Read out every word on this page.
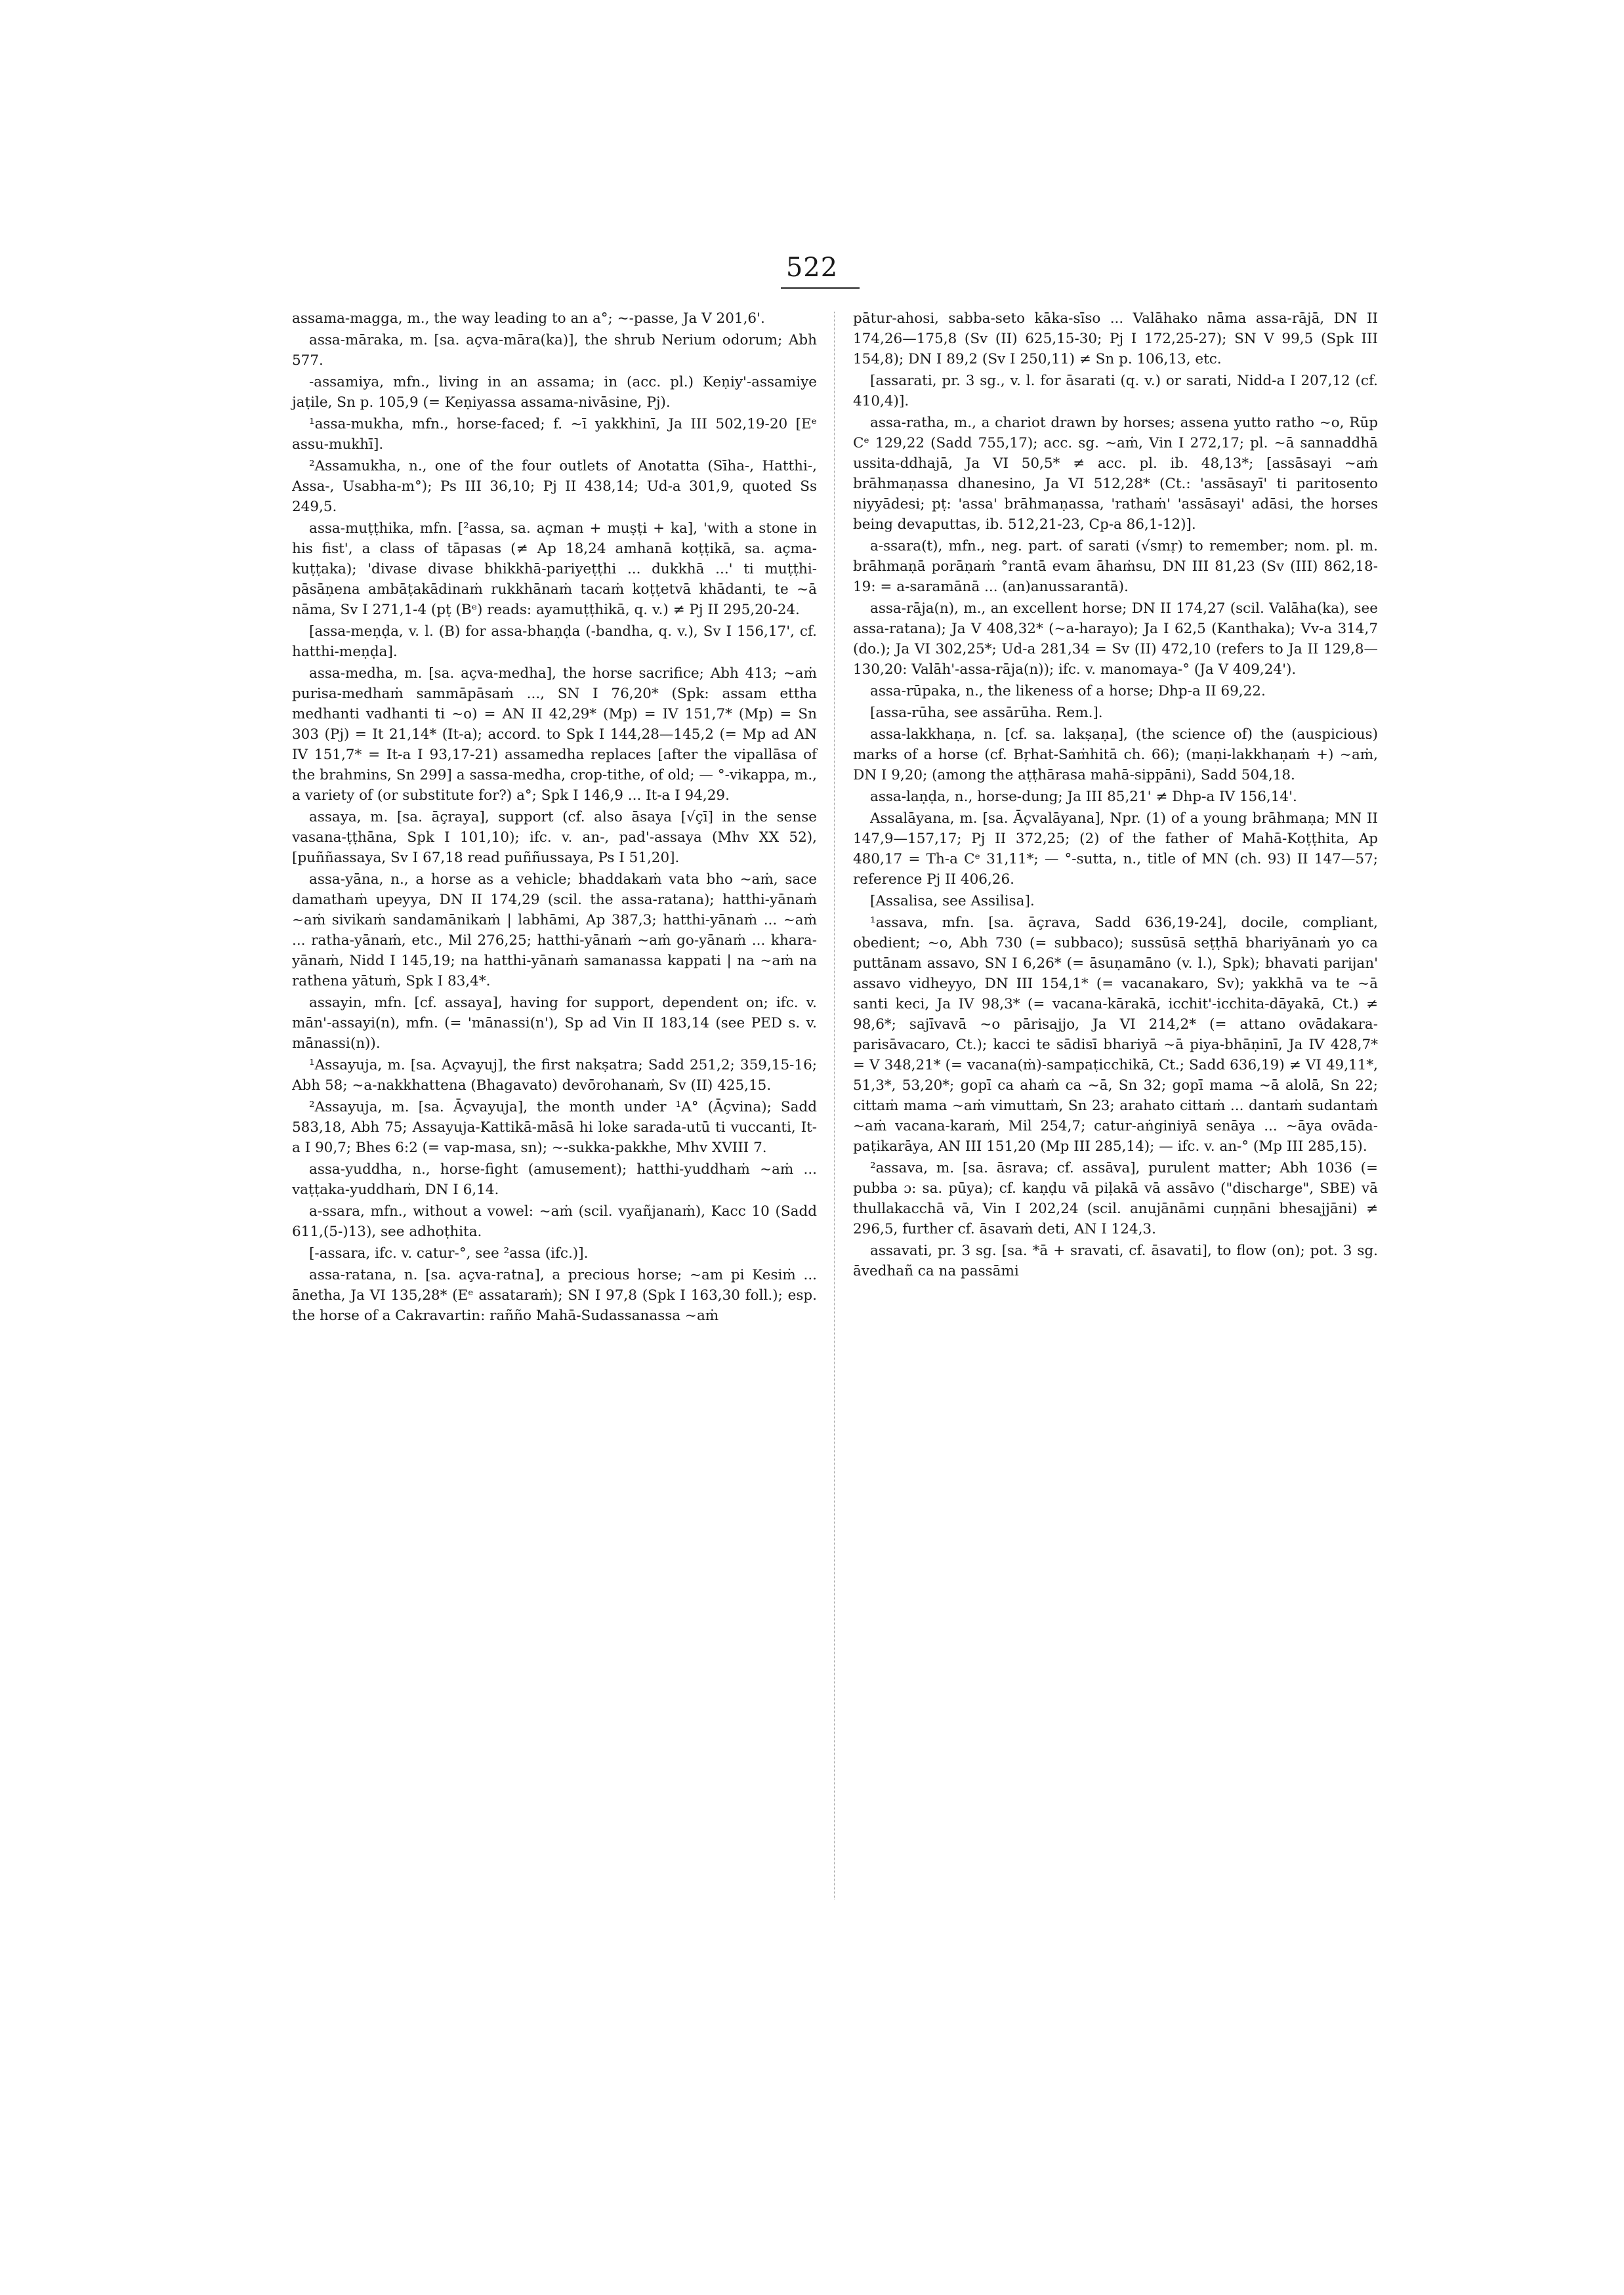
522

assama-magga, m., the way leading to an a°; ~-passe, Ja V 201,6'.

assa-māraka, m. [sa. açva-māra(ka)], the shrub Nerium odorum; Abh 577.

-assamiya, mfn., living in an assama; in (acc. pl.) Keṇiy'-assamiye jaṭile, Sn p. 105,9 (= Keṇiyassa assama-nivāsine, Pj).

¹assa-mukha, mfn., horse-faced; f. ~ī yakkhinī, Ja III 502,19-20 [Eᵉ assu-mukhī].

²Assamukha, n., one of the four outlets of Anotatta (Sīha-, Hatthi-, Assa-, Usabha-m°); Ps III 36,10; Pj II 438,14; Ud-a 301,9, quoted Ss 249,5.

assa-muṭṭhika, mfn. [²assa, sa. açman + muṣṭi + ka], 'with a stone in his fist', a class of tāpasas (≠ Ap 18,24 amhanā koṭṭikā, sa. açma-kuṭṭaka); 'divase divase bhikkhā-pariyeṭṭhi ... dukkhā ...' ti muṭṭhi-pāsāṇena ambāṭakādinaṁ rukkhānaṁ tacaṁ koṭṭetvā khādanti, te ~ā nāma, Sv I 271,1-4 (pṭ (Bᵉ) reads: ayamuṭṭhikā, q. v.) ≠ Pj II 295,20-24.

[assa-meṇḍa, v. l. (B) for assa-bhaṇḍa (-bandha, q. v.), Sv I 156,17', cf. hatthi-meṇḍa].

assa-medha, m. [sa. açva-medha], the horse sacrifice; Abh 413; ~aṁ purisa-medhaṁ sammāpāsaṁ ..., SN I 76,20* (Spk: assam ettha medhanti vadhanti ti ~o) = AN II 42,29* (Mp) = IV 151,7* (Mp) = Sn 303 (Pj) = It 21,14* (It-a); accord. to Spk I 144,28—145,2 (= Mp ad AN IV 151,7* = It-a I 93,17-21) assamedha replaces [after the vipallāsa of the brahmins, Sn 299] a sassa-medha, crop-tithe, of old; — °-vikappa, m., a variety of (or substitute for?) a°; Spk I 146,9 ... It-a I 94,29.

assaya, m. [sa. āçraya], support (cf. also āsaya [√çī] in the sense vasana-ṭṭhāna, Spk I 101,10); ifc. v. an-, pad'-assaya (Mhv XX 52), [puññassaya, Sv I 67,18 read puññussaya, Ps I 51,20].

assa-yāna, n., a horse as a vehicle; bhaddakaṁ vata bho ~aṁ, sace damathaṁ upeyya, DN II 174,29 (scil. the assa-ratana); hatthi-yānaṁ ~aṁ sivikaṁ sandamānikaṁ | labhāmi, Ap 387,3; hatthi-yānaṁ ... ~aṁ ... ratha-yānaṁ, etc., Mil 276,25; hatthi-yānaṁ ~aṁ go-yānaṁ ... khara-yānaṁ, Nidd I 145,19; na hatthi-yānaṁ samanassa kappati | na ~aṁ na rathena yātuṁ, Spk I 83,4*.

assayin, mfn. [cf. assaya], having for support, dependent on; ifc. v. mān'-assayi(n), mfn. (= 'mānassi(n'), Sp ad Vin II 183,14 (see PED s. v. mānassi(n)).

¹Assayuja, m. [sa. Açvayuj], the first nakṣatra; Sadd 251,2; 359,15-16; Abh 58; ~a-nakkhattena (Bhagavato) devōrohanaṁ, Sv (II) 425,15.

²Assayuja, m. [sa. Āçvayuja], the month under ¹A° (Āçvina); Sadd 583,18, Abh 75; Assayuja-Kattikā-māsā hi loke sarada-utū ti vuccanti, It-a I 90,7; Bhes 6:2 (= vap-masa, sn); ~-sukka-pakkhe, Mhv XVIII 7.

assa-yuddha, n., horse-fight (amusement); hatthi-yuddhaṁ ~aṁ ... vaṭṭaka-yuddhaṁ, DN I 6,14.

a-ssara, mfn., without a vowel: ~aṁ (scil. vyañjanaṁ), Kacc 10 (Sadd 611,(5-)13), see adhoṭhita.

[-assara, ifc. v. catur-°, see ²assa (ifc.)].

assa-ratana, n. [sa. açva-ratna], a precious horse; ~am pi Kesiṁ ... ānetha, Ja VI 135,28* (Eᵉ assataraṁ); SN I 97,8 (Spk I 163,30 foll.); esp. the horse of a Cakravartin: rañño Mahā-Sudassanassa ~aṁ

pātur-ahosi, sabba-seto kāka-sīso ... Valāhako nāma assa-rājā, DN II 174,26—175,8 (Sv (II) 625,15-30; Pj I 172,25-27); SN V 99,5 (Spk III 154,8); DN I 89,2 (Sv I 250,11) ≠ Sn p. 106,13, etc.

[assarati, pr. 3 sg., v. l. for āsarati (q. v.) or sarati, Nidd-a I 207,12 (cf. 410,4)].

assa-ratha, m., a chariot drawn by horses; assena yutto ratho ~o, Rūp Cᵉ 129,22 (Sadd 755,17); acc. sg. ~aṁ, Vin I 272,17; pl. ~ā sannaddhā ussita-ddhajā, Ja VI 50,5* ≠ acc. pl. ib. 48,13*; [assāsayi ~aṁ brāhmaṇassa dhanesino, Ja VI 512,28* (Ct.: 'assāsayī' ti paritosento niyyādesi; pṭ: 'assa' brāhmaṇassa, 'rathaṁ' 'assāsayi' adāsi, the horses being devaputtas, ib. 512,21-23, Cp-a 86,1-12)].

a-ssara(t), mfn., neg. part. of sarati (√smṛ) to remember; nom. pl. m. brāhmaṇā porāṇaṁ °rantā evam āhaṁsu, DN III 81,23 (Sv (III) 862,18-19: = a-saramānā ... (an)anussarantā).

assa-rāja(n), m., an excellent horse; DN II 174,27 (scil. Valāha(ka), see assa-ratana); Ja V 408,32* (~a-harayo); Ja I 62,5 (Kanthaka); Vv-a 314,7 (do.); Ja VI 302,25*; Ud-a 281,34 = Sv (II) 472,10 (refers to Ja II 129,8—130,20: Valāh'-assa-rāja(n)); ifc. v. manomaya-° (Ja V 409,24').

assa-rūpaka, n., the likeness of a horse; Dhp-a II 69,22.

[assa-rūha, see assārūha. Rem.].

assa-lakkhaṇa, n. [cf. sa. lakṣaṇa], (the science of) the (auspicious) marks of a horse (cf. Bṛhat-Saṁhitā ch. 66); (maṇi-lakkhaṇaṁ +) ~aṁ, DN I 9,20; (among the aṭṭhārasa mahā-sippāni), Sadd 504,18.

assa-laṇḍa, n., horse-dung; Ja III 85,21' ≠ Dhp-a IV 156,14'.

Assalāyana, m. [sa. Āçvalāyana], Npr. (1) of a young brāhmaṇa; MN II 147,9—157,17; Pj II 372,25; (2) of the father of Mahā-Koṭṭhita, Ap 480,17 = Th-a Cᵉ 31,11*; — °-sutta, n., title of MN (ch. 93) II 147—57; reference Pj II 406,26.

[Assalisa, see Assilisa].

¹assava, mfn. [sa. āçrava, Sadd 636,19-24], docile, compliant, obedient; ~o, Abh 730 (= subbaco); sussūsā seṭṭhā bhariyānaṁ yo ca puttānam assavo, SN I 6,26* (= āsuṇamāno (v. l.), Spk); bhavati parijan' assavo vidheyyo, DN III 154,1* (= vacanakaro, Sv); yakkhā va te ~ā santi keci, Ja IV 98,3* (= vacana-kārakā, icchit'-icchita-dāyakā, Ct.) ≠ 98,6*; sajīvavā ~o pārisajjo, Ja VI 214,2* (= attano ovādakara-parisāvacaro, Ct.); kacci te sādisī bhariyā ~ā piya-bhāṇinī, Ja IV 428,7* = V 348,21* (= vacana(ṁ)-sampaṭicchikā, Ct.; Sadd 636,19) ≠ VI 49,11*, 51,3*, 53,20*; gopī ca ahaṁ ca ~ā, Sn 32; gopī mama ~ā alolā, Sn 22; cittaṁ mama ~aṁ vimuttaṁ, Sn 23; arahato cittaṁ ... dantaṁ sudantaṁ ~aṁ vacana-karaṁ, Mil 254,7; catur-aṅginiyā senāya ... ~āya ovāda-paṭikarāya, AN III 151,20 (Mp III 285,14); — ifc. v. an-° (Mp III 285,15).

²assava, m. [sa. āsrava; cf. assāva], purulent matter; Abh 1036 (= pubba ɔ: sa. pūya); cf. kaṇḍu vā piḷakā vā assāvo ("discharge", SBE) vā thullakacchā vā, Vin I 202,24 (scil. anujānāmi cuṇṇāni bhesajjāni) ≠ 296,5, further cf. āsavaṁ deti, AN I 124,3.

assavati, pr. 3 sg. [sa. *ā + sravati, cf. āsavati], to flow (on); pot. 3 sg. āvedhañ ca na passāmi
